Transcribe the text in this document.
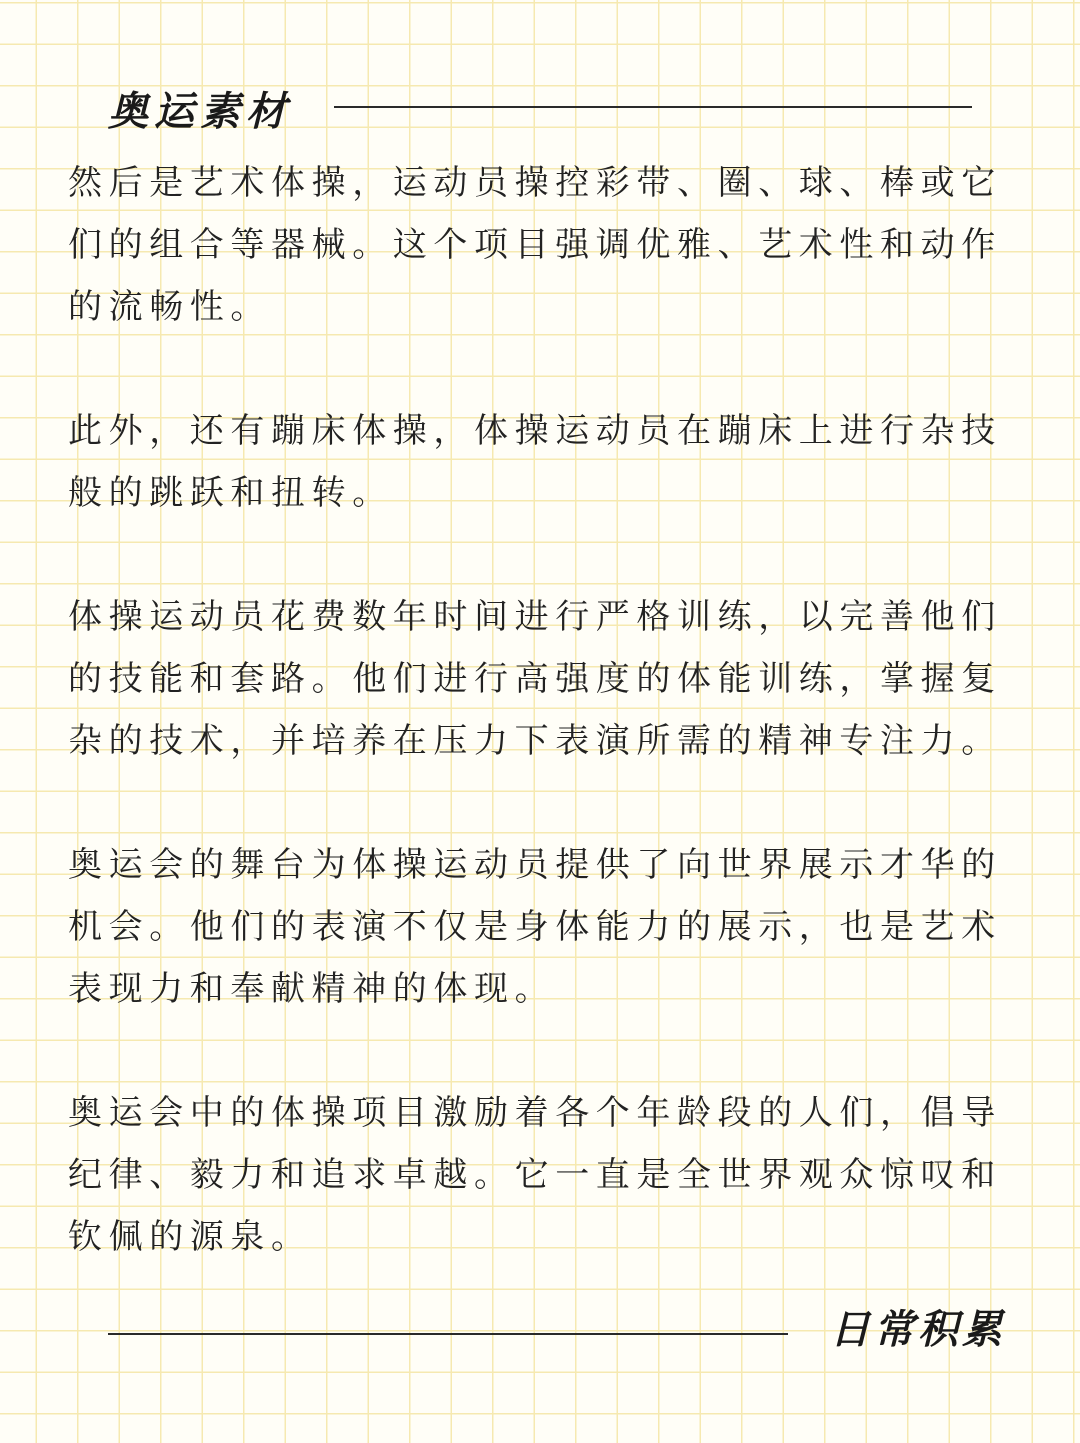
奥运素材

然后是艺术体操，运动员操控彩带、圈、球、棒或它们的组合等器械。这个项目强调优雅、艺术性和动作的流畅性。

此外，还有蹦床体操，体操运动员在蹦床上进行杂技般的跳跃和扭转。

体操运动员花费数年时间进行严格训练，以完善他们的技能和套路。他们进行高强度的体能训练，掌握复杂的技术，并培养在压力下表演所需的精神专注力。

奥运会的舞台为体操运动员提供了向世界展示才华的机会。他们的表演不仅是身体能力的展示，也是艺术表现力和奉献精神的体现。

奥运会中的体操项目激励着各个年龄段的人们，倡导纪律、毅力和追求卓越。它一直是全世界观众惊叹和钦佩的源泉。

日常积累
